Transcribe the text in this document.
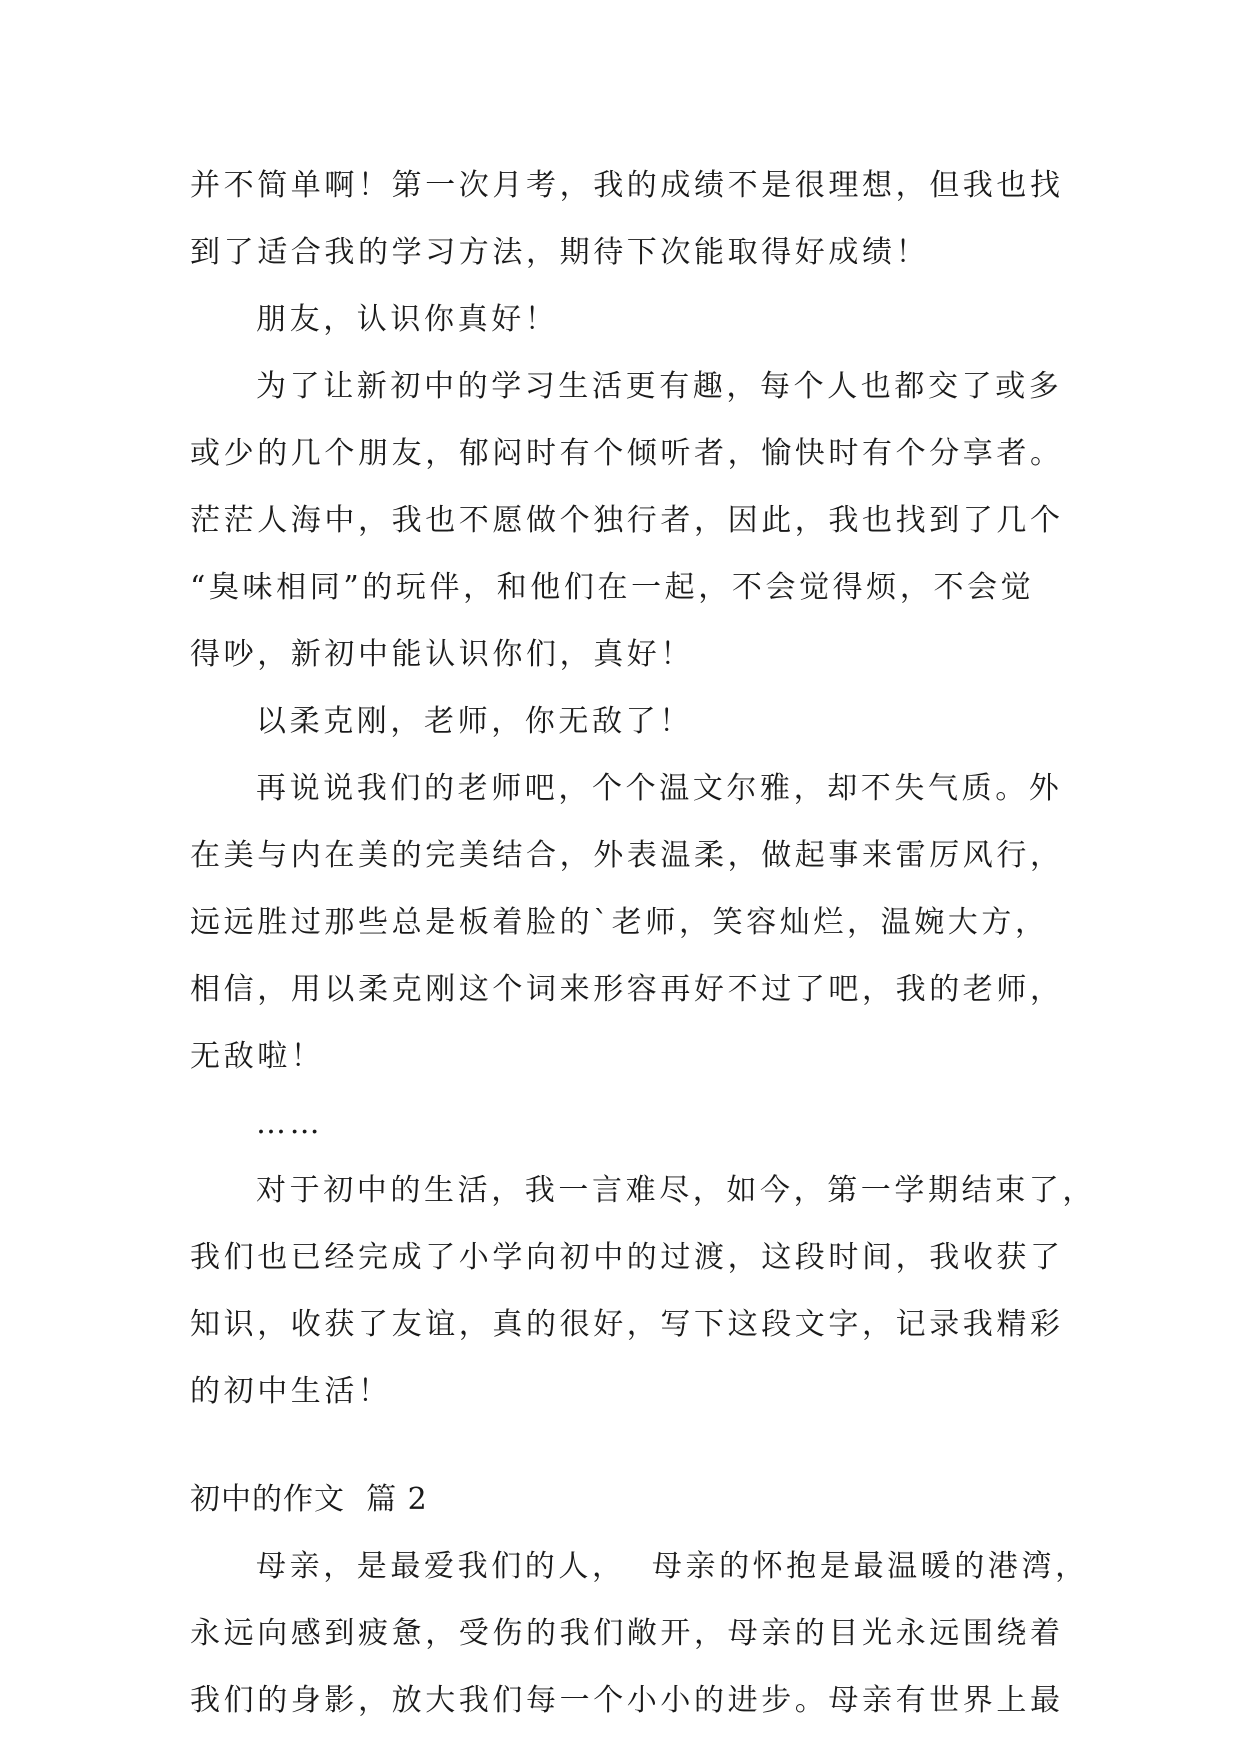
并不简单啊！第一次月考，我的成绩不是很理想，但我也找
到了适合我的学习方法，期待下次能取得好成绩！
朋友，认识你真好！
为了让新初中的学习生活更有趣，每个人也都交了或多
或少的几个朋友，郁闷时有个倾听者，愉快时有个分享者。
茫茫人海中，我也不愿做个独行者，因此，我也找到了几个
“臭味相同”的玩伴，和他们在一起，不会觉得烦，不会觉
得吵，新初中能认识你们，真好！
以柔克刚，老师，你无敌了！
再说说我们的老师吧，个个温文尔雅，却不失气质。外
在美与内在美的完美结合，外表温柔，做起事来雷厉风行，
远远胜过那些总是板着脸的`老师，笑容灿烂，温婉大方，
相信，用以柔克刚这个词来形容再好不过了吧，我的老师，
无敌啦！
……
对于初中的生活，我一言难尽，如今，第一学期结束了，
我们也已经完成了小学向初中的过渡，这段时间，我收获了
知识，收获了友谊，真的很好，写下这段文字，记录我精彩
的初中生活！
初中的作文  篇 2
母亲，是最爱我们的人，  母亲的怀抱是最温暖的港湾，
永远向感到疲惫，受伤的我们敞开，母亲的目光永远围绕着
我们的身影，放大我们每一个小小的进步。母亲有世界上最
